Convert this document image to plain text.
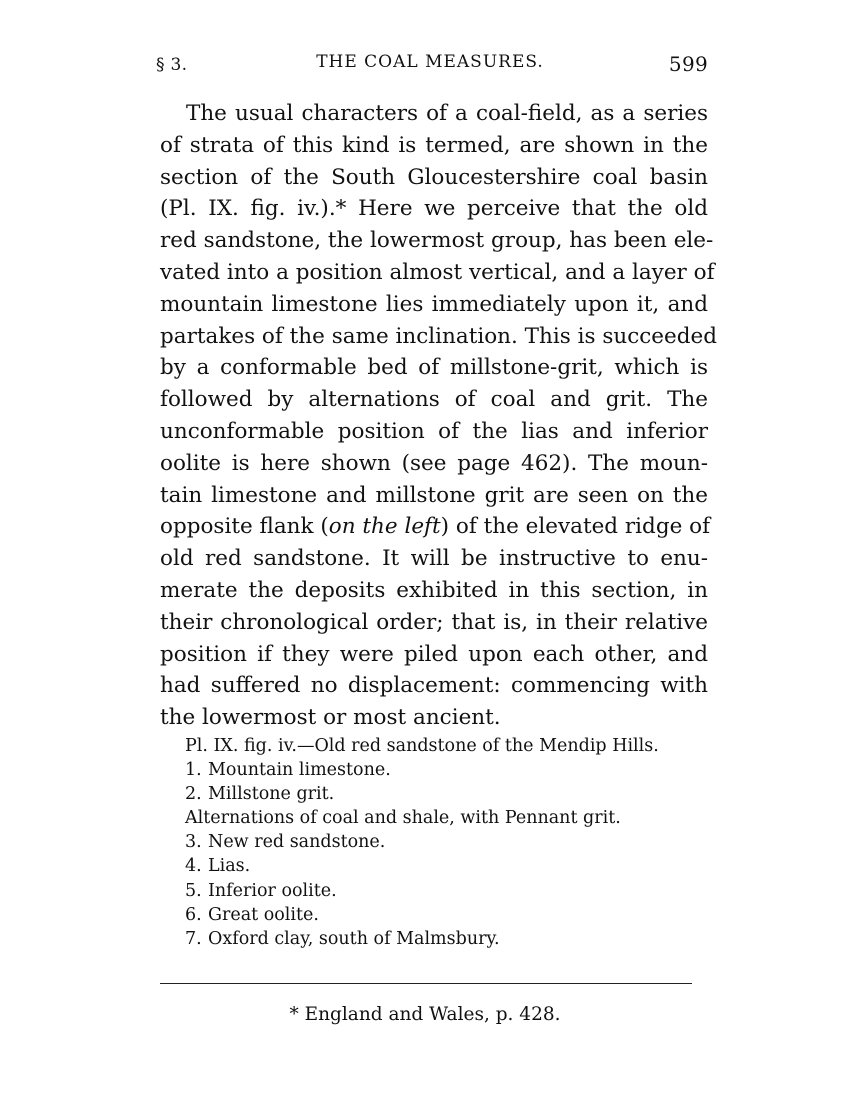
§ 3.	THE COAL MEASURES.	599
The usual characters of a coal-field, as a series
of strata of this kind is termed, are shown in the
section of the South Gloucestershire coal basin
(Pl. IX. fig. iv.).* Here we perceive that the old
red sandstone, the lowermost group, has been ele-
vated into a position almost vertical, and a layer of
mountain limestone lies immediately upon it, and
partakes of the same inclination. This is succeeded
by a conformable bed of millstone-grit, which is
followed by alternations of coal and grit. The
unconformable position of the lias and inferior
oolite is here shown (see page 462). The moun-
tain limestone and millstone grit are seen on the
opposite flank (on the left) of the elevated ridge of
old red sandstone. It will be instructive to enu-
merate the deposits exhibited in this section, in
their chronological order; that is, in their relative
position if they were piled upon each other, and
had suffered no displacement: commencing with
the lowermost or most ancient.
Pl. IX. fig. iv.—Old red sandstone of the Mendip Hills.
1. Mountain limestone.
2. Millstone grit.
Alternations of coal and shale, with Pennant grit.
3. New red sandstone.
4. Lias.
5. Inferior oolite.
6. Great oolite.
7. Oxford clay, south of Malmsbury.
* England and Wales, p. 428.
